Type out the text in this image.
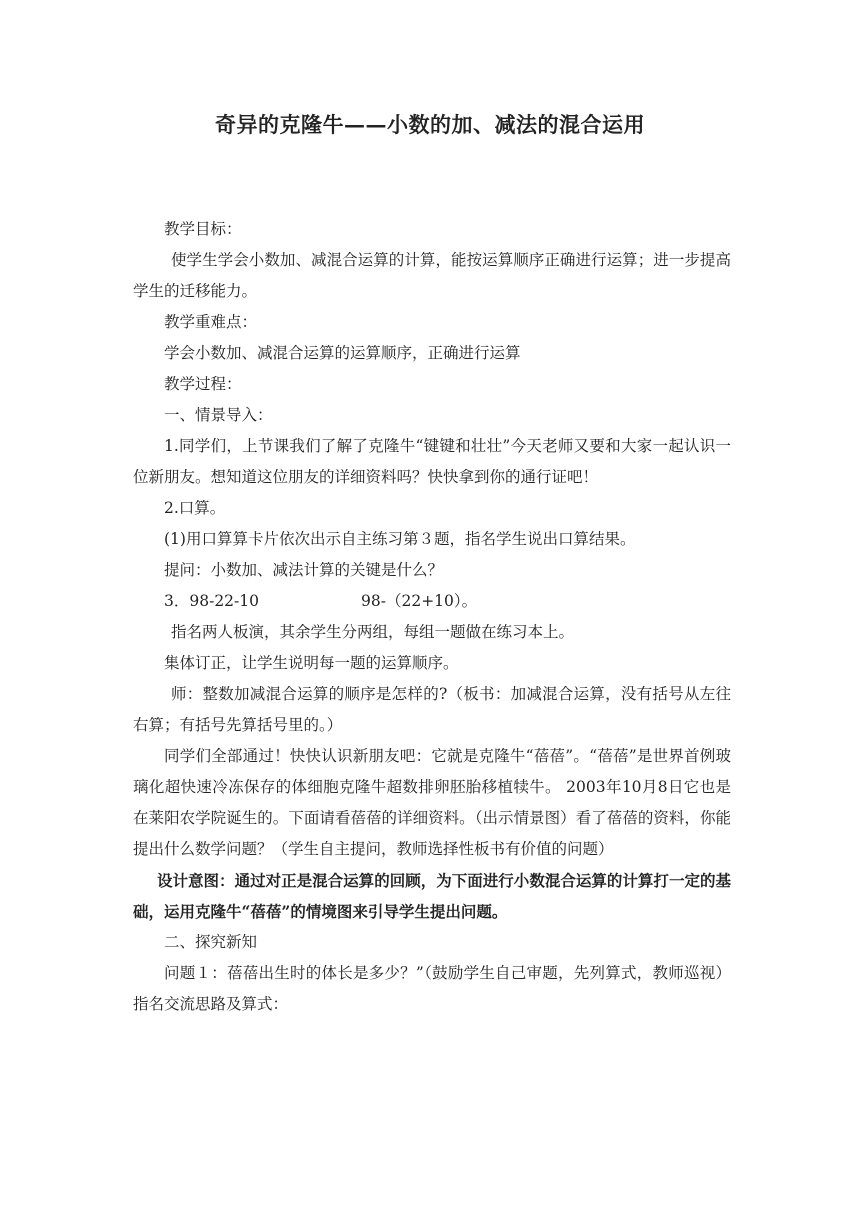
奇异的克隆牛——小数的加、减法的混合运用

教学目标：

使学生学会小数加、减混合运算的计算，能按运算顺序正确进行运算；进一步提高学生的迁移能力。

教学重难点：

学会小数加、减混合运算的运算顺序，正确进行运算

教学过程：

一、情景导入：

1.同学们，上节课我们了解了克隆牛“键键和壮壮”今天老师又要和大家一起认识一位新朋友。想知道这位朋友的详细资料吗？快快拿到你的通行证吧！

2.口算。

(1)用口算算卡片依次出示自主练习第３题，指名学生说出口算结果。

提问：小数加、减法计算的关键是什么？

3．98-22-10	98-（22+10）。

指名两人板演，其余学生分两组，每组一题做在练习本上。

集体订正，让学生说明每一题的运算顺序。

师：整数加减混合运算的顺序是怎样的?（板书：加减混合运算，没有括号从左往右算；有括号先算括号里的。）

同学们全部通过！快快认识新朋友吧：它就是克隆牛“蓓蓓”。“蓓蓓”是世界首例玻璃化超快速冷冻保存的体细胞克隆牛超数排卵胚胎移植犊牛。 2003年10月8日它也是在莱阳农学院诞生的。下面请看蓓蓓的详细资料。（出示情景图）看了蓓蓓的资料，你能提出什么数学问题？（学生自主提问，教师选择性板书有价值的问题）

设计意图：通过对正是混合运算的回顾，为下面进行小数混合运算的计算打一定的基础，运用克隆牛“蓓蓓”的情境图来引导学生提出问题。

二、探究新知

问题１：蓓蓓出生时的体长是多少？”（鼓励学生自己审题，先列算式，教师巡视）指名交流思路及算式：
